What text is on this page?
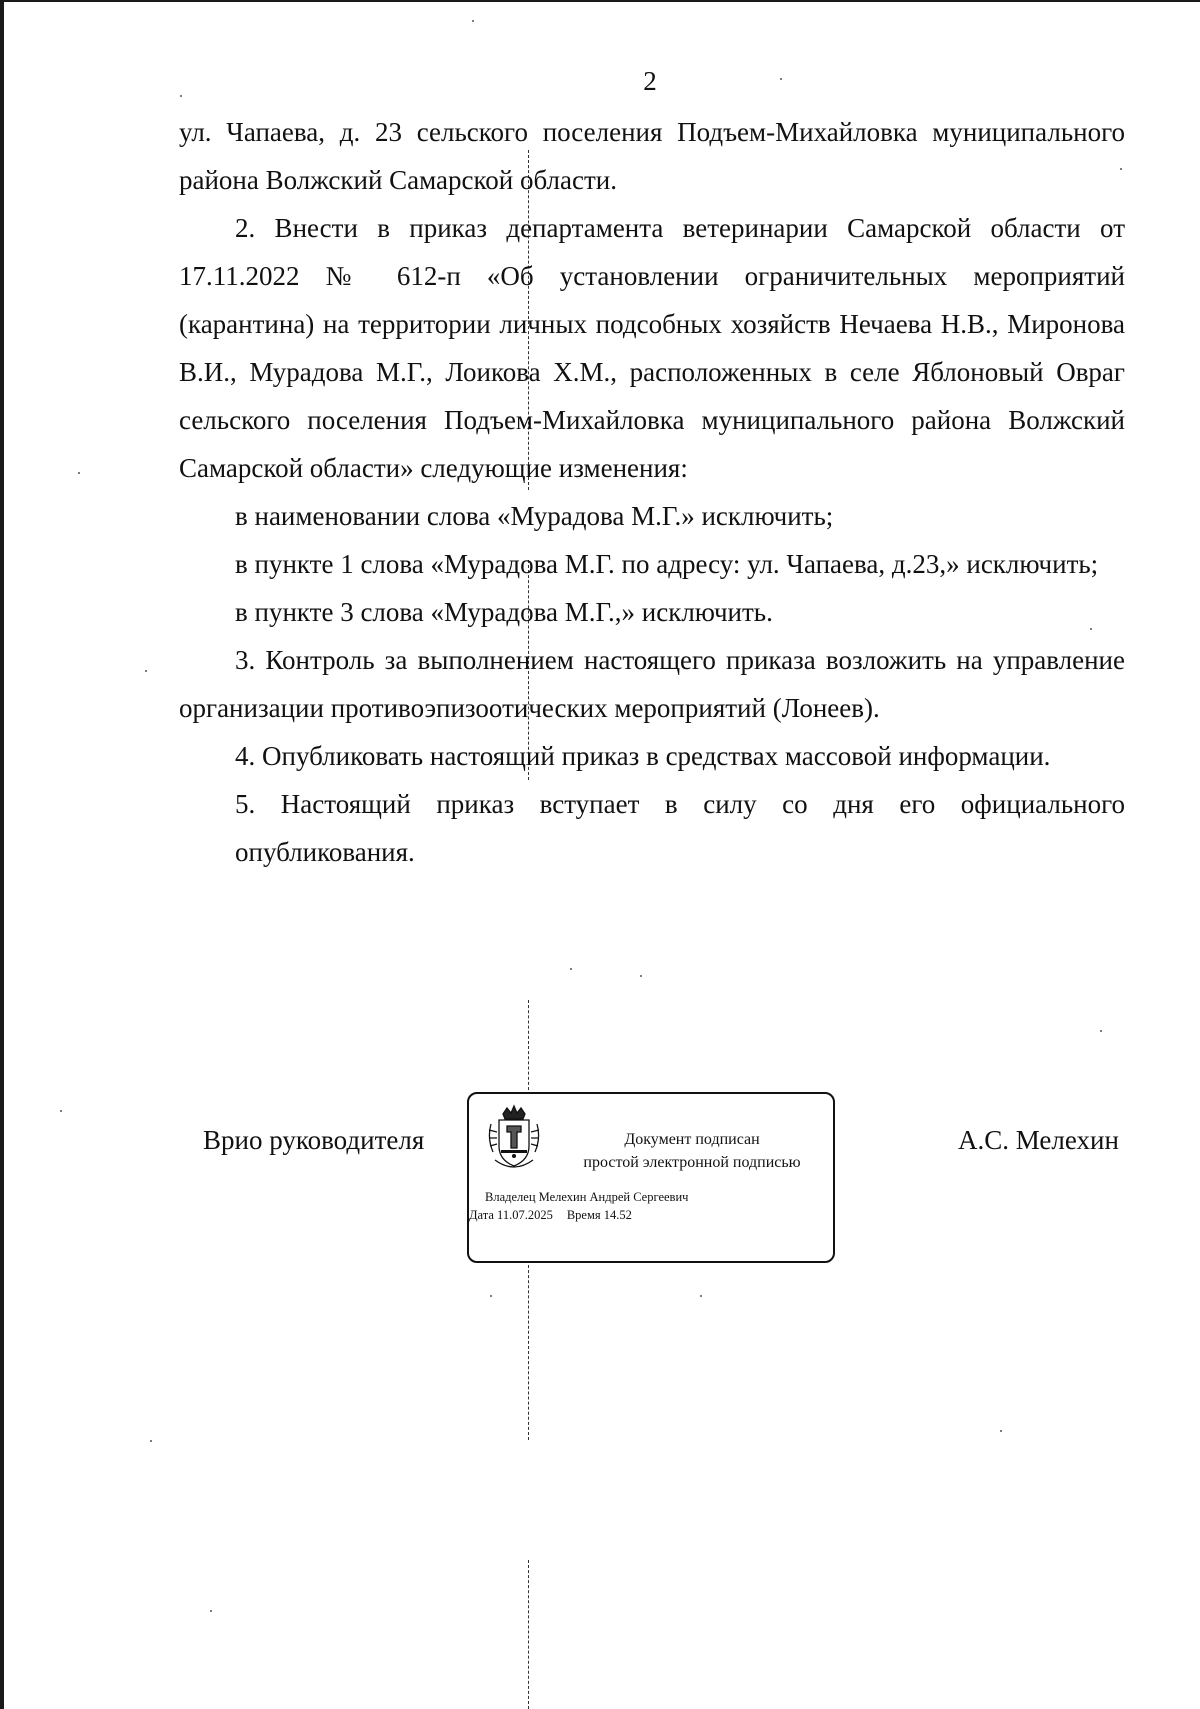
2

ул. Чапаева, д. 23 сельского поселения Подъем-Михайловка муниципального района Волжский Самарской области.

2. Внести в приказ департамента ветеринарии Самарской области от 17.11.2022 № 612-п «Об установлении ограничительных мероприятий (карантина) на территории личных подсобных хозяйств Нечаева Н.В., Миронова В.И., Мурадова М.Г., Лоикова Х.М., расположенных в селе Яблоновый Овраг сельского поселения Подъем-Михайловка муниципального района Волжский Самарской области» следующие изменения:

в наименовании слова «Мурадова М.Г.» исключить;

в пункте 1 слова «Мурадова М.Г. по адресу: ул. Чапаева, д.23,» исключить;

в пункте 3 слова «Мурадова М.Г.,» исключить.

3. Контроль за выполнением настоящего приказа возложить на управление организации противоэпизоотических мероприятий (Лонеев).

4. Опубликовать настоящий приказ в средствах массовой информации.

5. Настоящий приказ вступает в силу со дня его официального опубликования.

Врио руководителя	Документ подписан
простой электронной подписью
Владелец Мелехин Андрей Сергеевич
Дата 11.07.2025 Время 14.52
А.С. Мелехин
